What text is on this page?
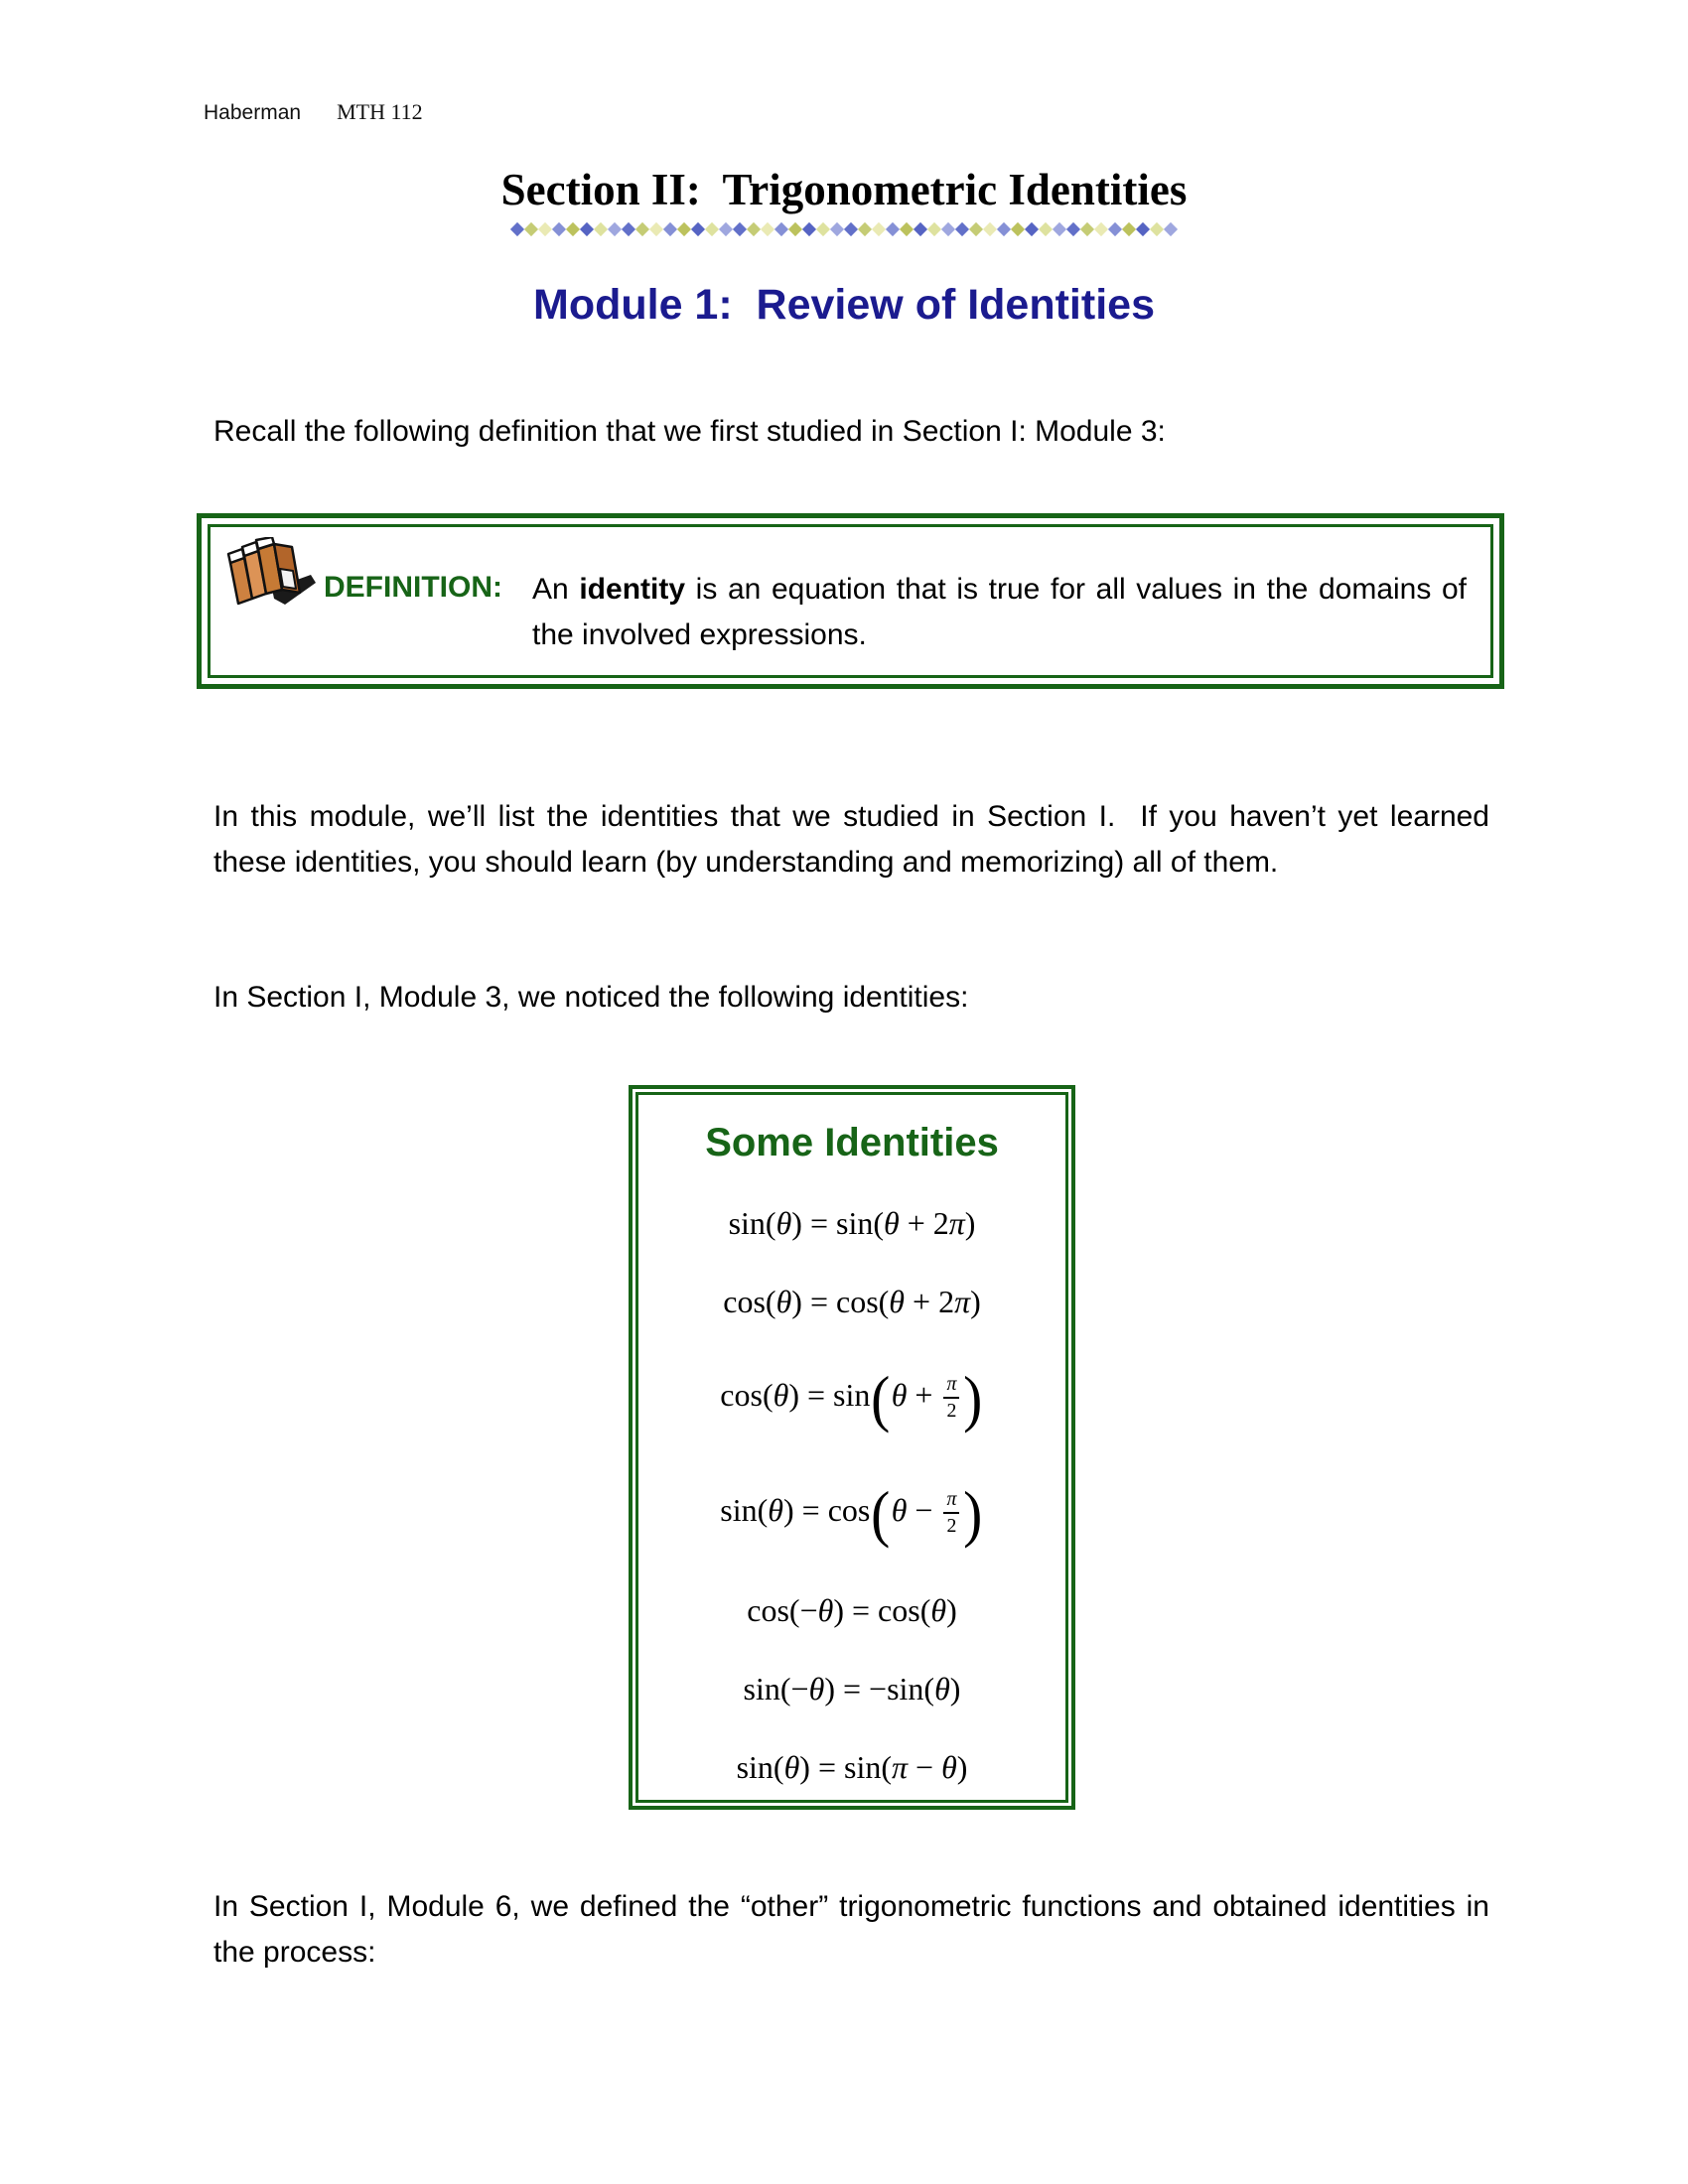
Haberman MTH 112
Section II:  Trigonometric Identities
Module 1:  Review of Identities
Recall the following definition that we first studied in Section I: Module 3:
DEFINITION: An identity is an equation that is true for all values in the domains of the involved expressions.
In this module, we’ll list the identities that we studied in Section I.  If you haven’t yet learned these identities, you should learn (by understanding and memorizing) all of them.
In Section I, Module 3, we noticed the following identities:
Some Identities
sin(θ) = sin(θ + 2π)
cos(θ) = cos(θ + 2π)
$\cos(\theta) = \sin(\theta + \frac{\pi}{2}$ )
$\sin(\theta) = \cos(\theta - \frac{\pi}{2}$ )
cos(−θ) = cos(θ)
sin(−θ) = −sin(θ)
sin(θ) = sin(π − θ)
In Section I, Module 6, we defined the “other” trigonometric functions and obtained identities in the process:
